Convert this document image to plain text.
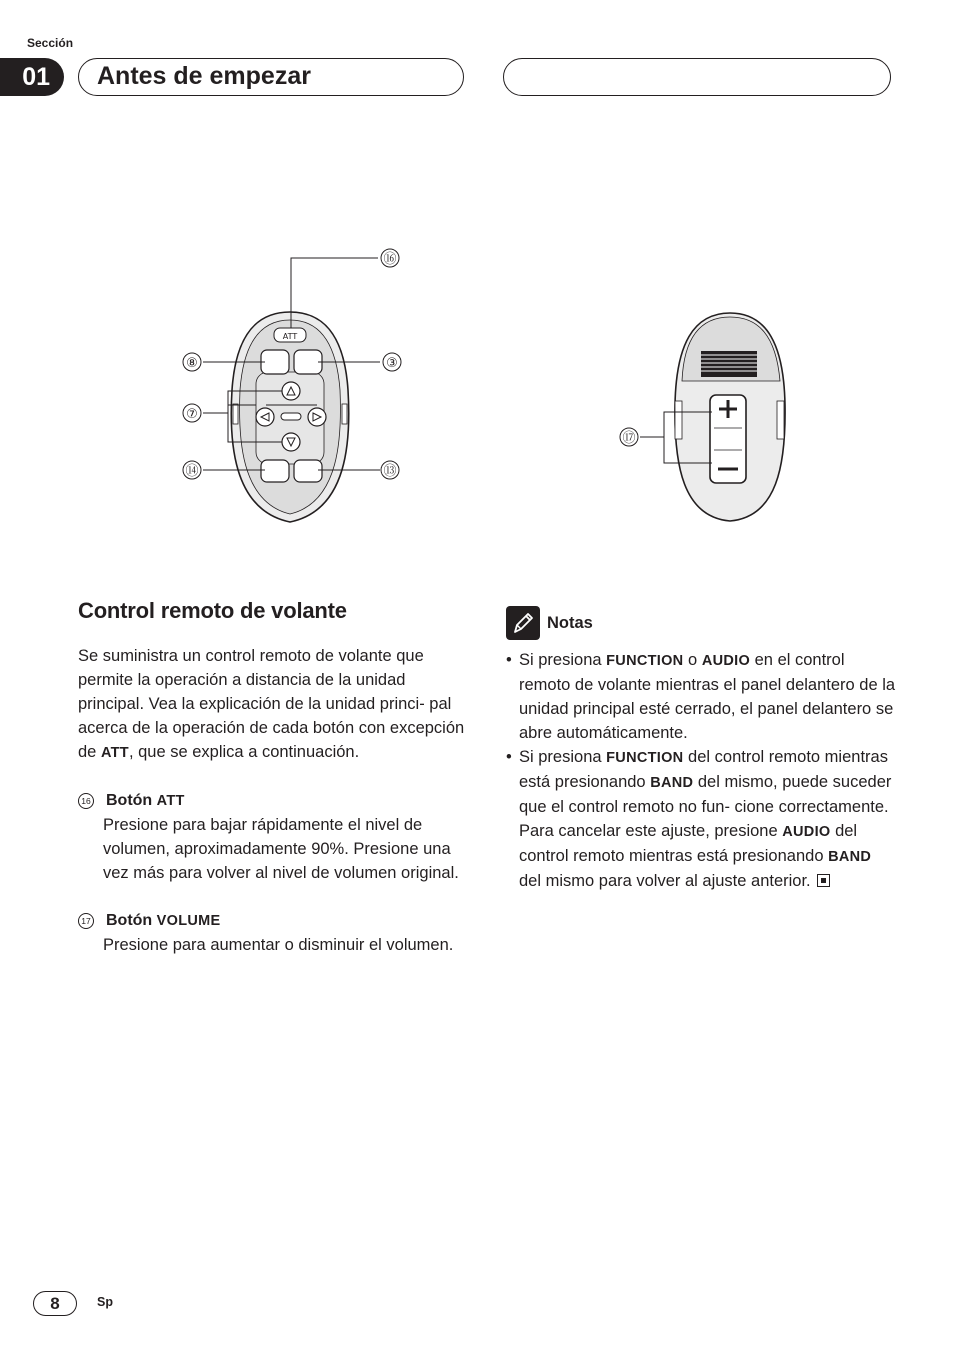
Sección
01	Antes de empezar
ATT
⑯
⑧	③
⑦
⑭	⑬
⑰
Control remoto de volante

Se suministra un control remoto de volante que permite la operación a distancia de la unidad principal. Vea la explicación de la unidad princi- pal acerca de la operación de cada botón con excepción de ATT, que se explica a continuación.

16 Botón ATT
Presione para bajar rápidamente el nivel de volumen, aproximadamente 90%. Presione una vez más para volver al nivel de volumen original.
17 Botón VOLUME
Presione para aumentar o disminuir el volumen.
Notas
• Si presiona FUNCTION o AUDIO en el control remoto de volante mientras el panel delantero de la unidad principal esté cerrado, el panel delantero se abre automáticamente.
• Si presiona FUNCTION del control remoto mientras está presionando BAND del mismo, puede suceder que el control remoto no fun- cione correctamente. Para cancelar este ajuste, presione AUDIO del control remoto mientras está presionando BAND del mismo para volver al ajuste anterior.
8	Sp
